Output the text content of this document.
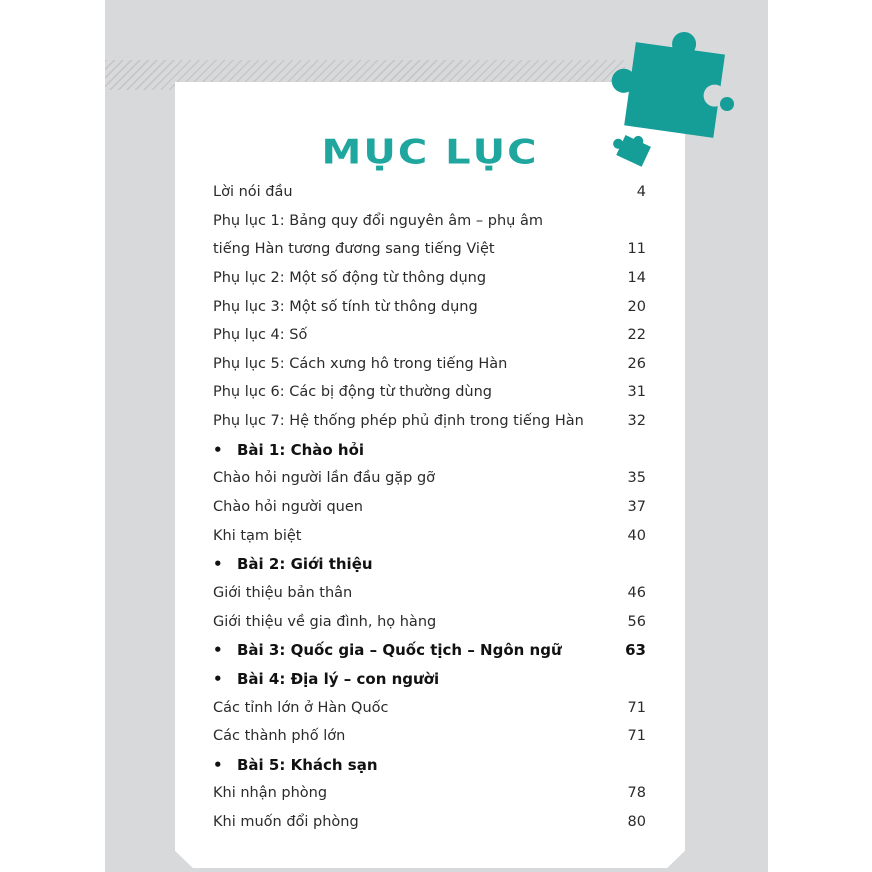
MỤC LỤC
Lời nói đầu	4
Phụ lục 1: Bảng quy đổi nguyên âm – phụ âm
tiếng Hàn tương đương sang tiếng Việt	11
Phụ lục 2: Một số động từ thông dụng	14
Phụ lục 3: Một số tính từ thông dụng	20
Phụ lục 4: Số	22
Phụ lục 5: Cách xưng hô trong tiếng Hàn	26
Phụ lục 6: Các bị động từ thường dùng	31
Phụ lục 7: Hệ thống phép phủ định trong tiếng Hàn	32
• Bài 1: Chào hỏi
Chào hỏi người lần đầu gặp gỡ	35
Chào hỏi người quen	37
Khi tạm biệt	40
• Bài 2: Giới thiệu
Giới thiệu bản thân	46
Giới thiệu về gia đình, họ hàng	56
• Bài 3: Quốc gia – Quốc tịch – Ngôn ngữ	63
• Bài 4: Địa lý – con người
Các tỉnh lớn ở Hàn Quốc	71
Các thành phố lớn	71
• Bài 5: Khách sạn
Khi nhận phòng	78
Khi muốn đổi phòng	80
